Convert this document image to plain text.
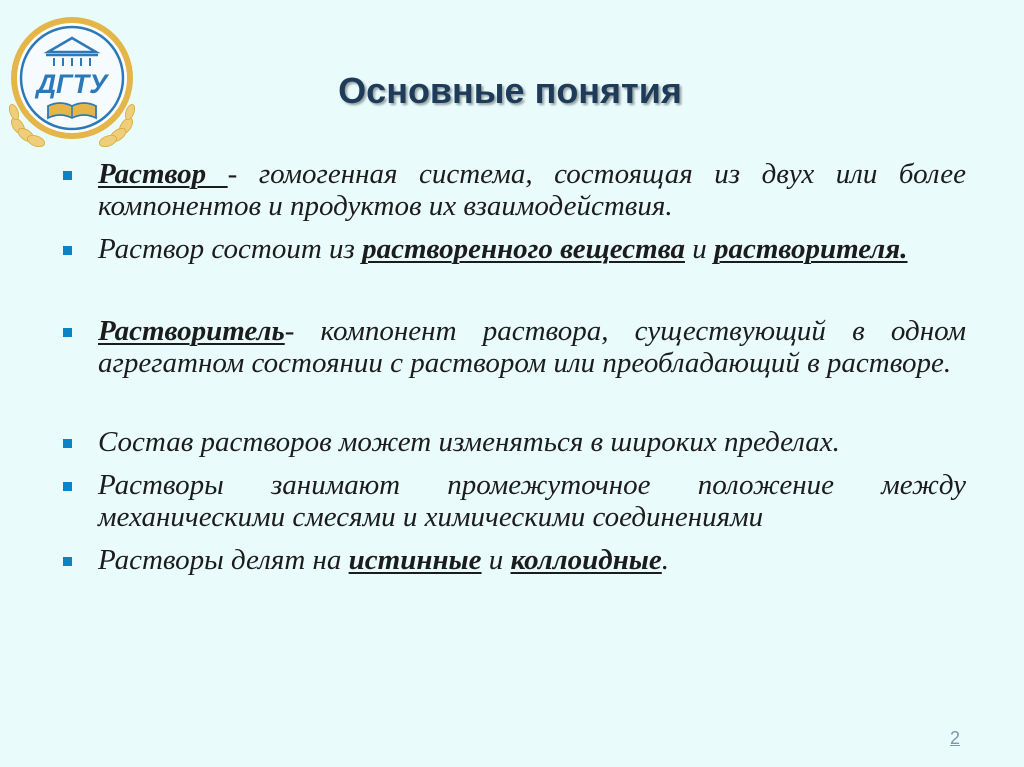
ДГТУ	Основные понятия
Раствор - гомогенная система, состоящая из двух или более компонентов и продуктов их взаимодействия.
Раствор состоит из растворенного вещества и растворителя.
Растворитель- компонент раствора, существующий в одном агрегатном состоянии с раствором или преобладающий в растворе.
Состав растворов может изменяться в широких пределах.
Растворы занимают промежуточное положение между механическими смесями и химическими соединениями
Растворы делят на истинные и коллоидные.
2
